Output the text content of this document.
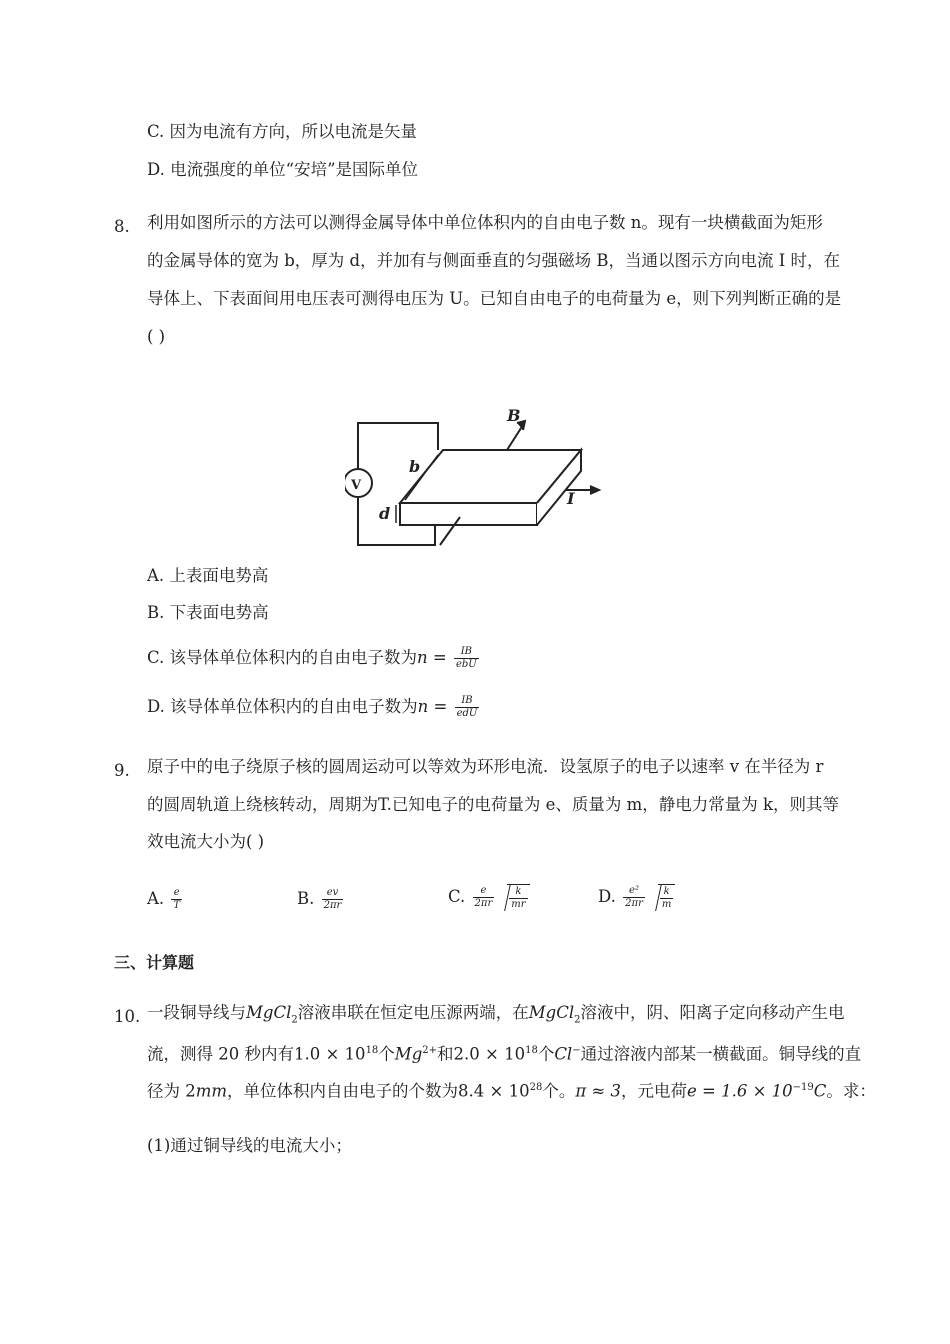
C. 因为电流有方向，所以电流是矢量
D. 电流强度的单位“安培”是国际单位
8. 利用如图所示的方法可以测得金属导体中单位体积内的自由电子数 n。现有一块横截面为矩形
的金属导体的宽为 b，厚为 d，并加有与侧面垂直的匀强磁场 B，当通以图示方向电流 I 时，在
导体上、下表面间用电压表可测得电压为 U。已知自由电子的电荷量为 e，则下列判断正确的是
( )
V
B
I
b
d
A. 上表面电势高
B. 下表面电势高
C. 该导体单位体积内的自由电子数为$n = \frac{IB}{\text{ebU}}$
D. 该导体单位体积内的自由电子数为$n = \frac{IB}{\text{edU}}$
9. 原子中的电子绕原子核的圆周运动可以等效为环形电流．设氢原子的电子以速率 v 在半径为 r
的圆周轨道上绕核转动，周期为T.已知电子的电荷量为 e、质量为 m，静电力常量为 k，则其等
效电流大小为( )
A. $\frac{e}{T}$	B. $\frac{ev}{2\pi r}$	C. $\frac{e}{2\pi r} \frac{k}{mr}$	D. $\frac{\text{e²}}{2\pi r} \frac{k}{m}$
三、计算题
10. 一段铜导线与MgCl$_2$溶液串联在恒定电压源两端，在MgCl$_2$溶液中，阴、阳离子定向移动产生电
流，测得 20 秒内有$1.0 \times 10^{18}$个$Mg^{2+}$和$2.0 \times 10^{18}$个Cl−通过溶液内部某一横截面。铜导线的直
径为 2mm，单位体积内自由电子的个数为$8.4 \times 10^{28}$个。π ≈ 3，元电荷$e = 1.6 \times 10^{-19}C$。求：
(1)通过铜导线的电流大小；
